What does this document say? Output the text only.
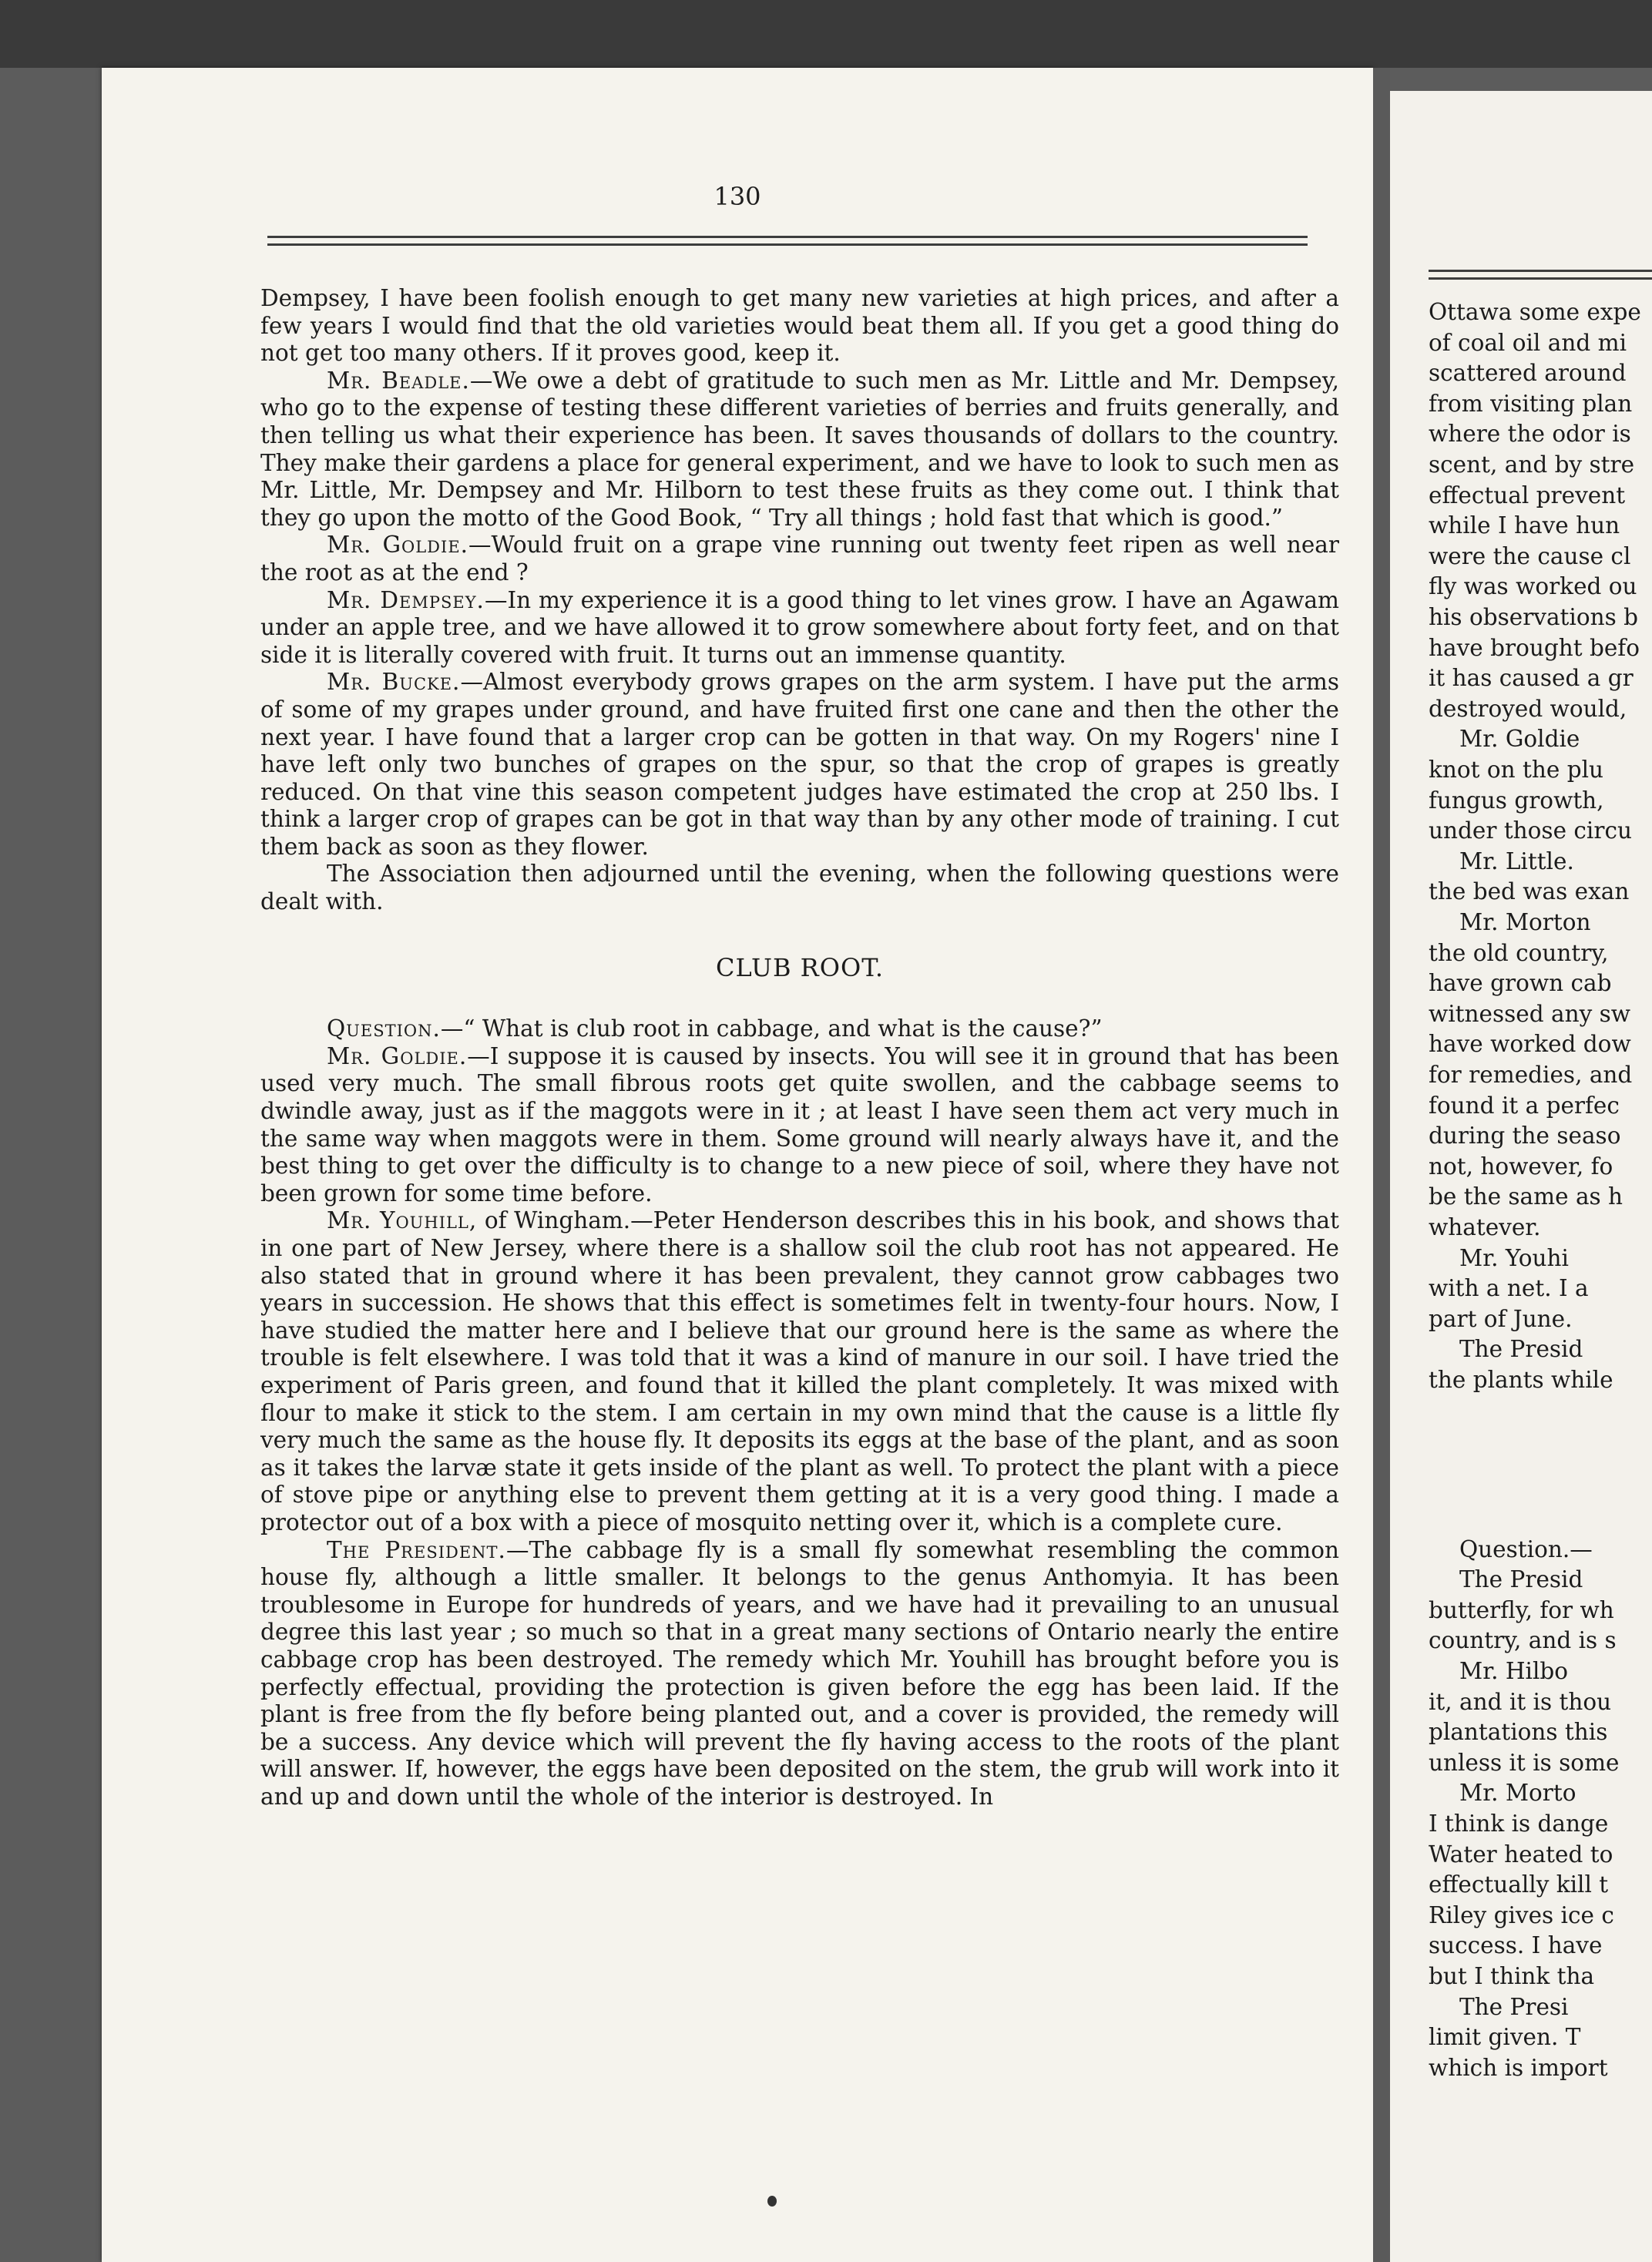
130
Ottawa some expe
of coal oil and mi
scattered around
from visiting plan
where the odor is
scent, and by stre
effectual prevent
while I have hun
were the cause cl
fly was worked ou
his observations b
have brought befo
it has caused a gr
destroyed would,
Mr. Goldie
knot on the plu
fungus growth,
under those circu
Mr. Little.
the bed was exan
Mr. Morton
the old country,
have grown cab
witnessed any sw
have worked dow
for remedies, and
found it a perfec
during the seaso
not, however, fo
be the same as h
whatever.
Mr. Youhi
with a net. I a
part of June.
The Presid
the plants while
Question.—
The Presid
butterfly, for wh
country, and is s
Mr. Hilbo
it, and it is thou
plantations this
unless it is some
Mr. Morto
I think is dange
Water heated to
effectually kill t
Riley gives ice c
success. I have
but I think tha
The Presi
limit given. T
which is import

Dempsey, I have been foolish enough to get many new varieties at high prices, and after a few years I would find that the old varieties would beat them all. If you get a good thing do not get too many others. If it proves good, keep it.

Mr. Beadle.—We owe a debt of gratitude to such men as Mr. Little and Mr. Dempsey, who go to the expense of testing these different varieties of berries and fruits generally, and then telling us what their experience has been. It saves thousands of dollars to the country. They make their gardens a place for general experiment, and we have to look to such men as Mr. Little, Mr. Dempsey and Mr. Hilborn to test these fruits as they come out. I think that they go upon the motto of the Good Book, “ Try all things ; hold fast that which is good.”

Mr. Goldie.—Would fruit on a grape vine running out twenty feet ripen as well near the root as at the end ?

Mr. Dempsey.—In my experience it is a good thing to let vines grow. I have an Agawam under an apple tree, and we have allowed it to grow somewhere about forty feet, and on that side it is literally covered with fruit. It turns out an immense quantity.

Mr. Bucke.—Almost everybody grows grapes on the arm system. I have put the arms of some of my grapes under ground, and have fruited first one cane and then the other the next year. I have found that a larger crop can be gotten in that way. On my Rogers' nine I have left only two bunches of grapes on the spur, so that the crop of grapes is greatly reduced. On that vine this season competent judges have estimated the crop at 250 lbs. I think a larger crop of grapes can be got in that way than by any other mode of training. I cut them back as soon as they flower.

The Association then adjourned until the evening, when the following questions were dealt with.

CLUB ROOT.

Question.—“ What is club root in cabbage, and what is the cause?”

Mr. Goldie.—I suppose it is caused by insects. You will see it in ground that has been used very much. The small fibrous roots get quite swollen, and the cabbage seems to dwindle away, just as if the maggots were in it ; at least I have seen them act very much in the same way when maggots were in them. Some ground will nearly always have it, and the best thing to get over the difficulty is to change to a new piece of soil, where they have not been grown for some time before.

Mr. Youhill, of Wingham.—Peter Henderson describes this in his book, and shows that in one part of New Jersey, where there is a shallow soil the club root has not appeared. He also stated that in ground where it has been prevalent, they cannot grow cabbages two years in succession. He shows that this effect is sometimes felt in twenty-four hours. Now, I have studied the matter here and I believe that our ground here is the same as where the trouble is felt elsewhere. I was told that it was a kind of manure in our soil. I have tried the experiment of Paris green, and found that it killed the plant completely. It was mixed with flour to make it stick to the stem. I am certain in my own mind that the cause is a little fly very much the same as the house fly. It deposits its eggs at the base of the plant, and as soon as it takes the larvæ state it gets inside of the plant as well. To protect the plant with a piece of stove pipe or anything else to prevent them getting at it is a very good thing. I made a protector out of a box with a piece of mosquito netting over it, which is a complete cure.

The President.—The cabbage fly is a small fly somewhat resembling the common house fly, although a little smaller. It belongs to the genus Anthomyia. It has been troublesome in Europe for hundreds of years, and we have had it prevailing to an unusual degree this last year ; so much so that in a great many sections of Ontario nearly the entire cabbage crop has been destroyed. The remedy which Mr. Youhill has brought before you is perfectly effectual, providing the protection is given before the egg has been laid. If the plant is free from the fly before being planted out, and a cover is provided, the remedy will be a success. Any device which will prevent the fly having access to the roots of the plant will answer. If, however, the eggs have been deposited on the stem, the grub will work into it and up and down until the whole of the interior is destroyed. In
